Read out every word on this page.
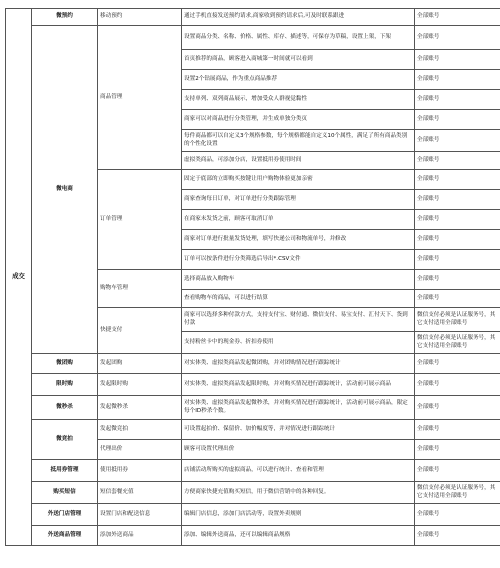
成交	微预约	移动预约	通过手机直接发送预约请求,商家收到预约请求后,可及时联系跟进	全部账号
	微电商	商品管理	设置商品分类、名称、价格、属性、库存、描述等，可保存为草稿，设置上架，下架	全部账号
			首页推荐的商品，顾客进入商城第一时间就可以看到	全部账号
			设置2个钻展商品，作为重点商品推荐	全部账号
			支持单列、双列商品展示，增加受众人群视觉黏性	全部账号
			商家可以对商品进行分类管理，并生成单独分类页	全部账号
			每件商品都可以自定义3个规格参数，每个规格都能自定义10个属性，满足了所有商品类别的个性化设置	全部账号
			虚拟类商品，可添加分店，设置抵用券使用时间	全部账号
		订单管理	固定于底部的立即购买按键让用户购物体验更加亲密	全部账号
			商家查询每日订单，对订单进行分类跟踪管理	全部账号
			在商家未发货之前，顾客可取消订单	全部账号
			商家对订单进行批量发货处理，填写快递公司和物流单号，并修改	全部账号
			订单可以按条件进行分类筛选后导出*.CSV文件	全部账号
		购物车管理	选择商品放入购物车	全部账号
			查看购物车的商品，可以进行结算	全部账号
		快捷支付	商家可以选择多种付款方式，支持支付宝、财付通、微信支付、易宝支付、汇付天下、货到付款	微信支付必须是认证服务号，其它支付适用全部账号
			支持粉丝卡中的现金券、折扣券使用	微信支付必须是认证服务号，其它支付适用全部账号
	微团购	发起团购	对实体类、虚拟类商品发起微团购，并对团购情况进行跟踪统计	全部账号
	限时购	发起限时购	对实体类、虚拟类商品发起限时购，并对购买情况进行跟踪统计，活动前可展示商品	全部账号
	微秒杀	发起微秒杀	对实体类、虚拟类商品发起微秒杀，并对购买情况进行跟踪统计，活动前可展示商品，限定每个ID秒杀个数。	全部账号
	微竞拍	发起微竞拍	可设置起拍价、保留价、加价幅度等，并对情况进行跟踪统计	全部账号
		代理出价	顾客可设置代理出价	全部账号
	抵用券管理	使用抵用券	店铺活动所购买的虚拟商品，可以进行统计、查看和管理	全部账号
	购买短信	短信套餐充值	方便商家快捷充值购买短信，用于微信营销中的各种回复。	微信支付必须是认证服务号，其它支付适用全部账号
	外送门店管理	设置门店和配送信息	编辑门店信息，添加门店活动等，设置外卖规则	全部账号
	外送商品管理	添加外送商品	添加、编辑外送商品，还可以编辑商品规格	全部账号
